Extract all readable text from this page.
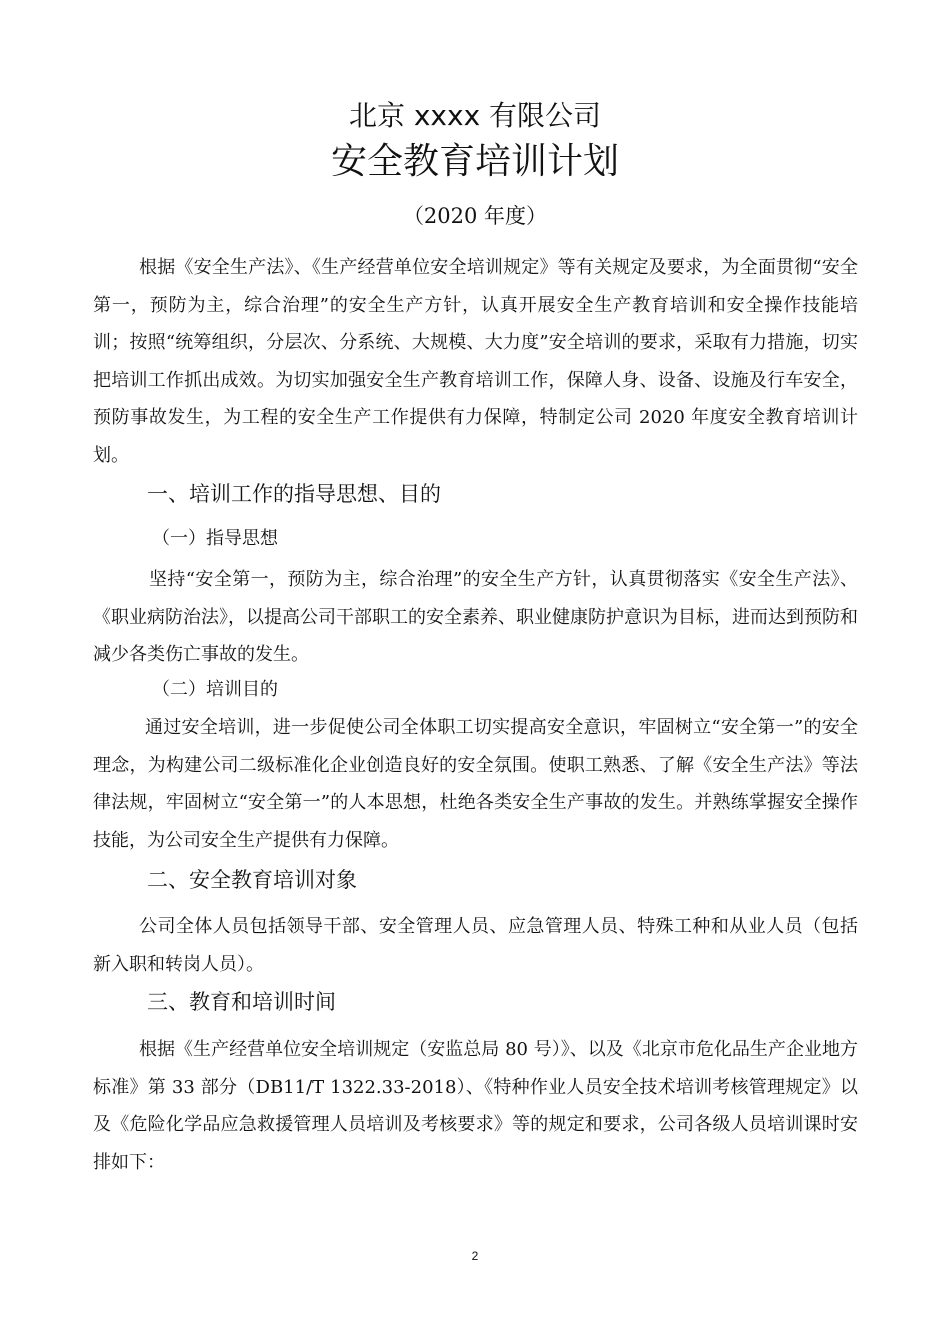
北京 xxxx 有限公司
安全教育培训计划
（2020 年度）

根据《安全生产法》、《生产经营单位安全培训规定》等有关规定及要求，为全面贯彻“安全第一，预防为主，综合治理”的安全生产方针，认真开展安全生产教育培训和安全操作技能培训；按照“统筹组织，分层次、分系统、大规模、大力度”安全培训的要求，采取有力措施，切实把培训工作抓出成效。为切实加强安全生产教育培训工作，保障人身、设备、设施及行车安全，预防事故发生，为工程的安全生产工作提供有力保障，特制定公司 2020 年度安全教育培训计划。

一、培训工作的指导思想、目的
（一）指导思想

坚持“安全第一，预防为主，综合治理”的安全生产方针，认真贯彻落实《安全生产法》、《职业病防治法》，以提高公司干部职工的安全素养、职业健康防护意识为目标，进而达到预防和减少各类伤亡事故的发生。

（二）培训目的

通过安全培训，进一步促使公司全体职工切实提高安全意识，牢固树立“安全第一”的安全理念，为构建公司二级标准化企业创造良好的安全氛围。使职工熟悉、了解《安全生产法》等法律法规，牢固树立“安全第一”的人本思想，杜绝各类安全生产事故的发生。并熟练掌握安全操作技能，为公司安全生产提供有力保障。

二、安全教育培训对象

公司全体人员包括领导干部、安全管理人员、应急管理人员、特殊工种和从业人员（包括新入职和转岗人员）。

三、教育和培训时间

根据《生产经营单位安全培训规定（安监总局 80 号）》、以及《北京市危化品生产企业地方标准》第 33 部分（DB11/T 1322.33-2018）、《特种作业人员安全技术培训考核管理规定》以及《危险化学品应急救援管理人员培训及考核要求》等的规定和要求，公司各级人员培训课时安排如下：

2
